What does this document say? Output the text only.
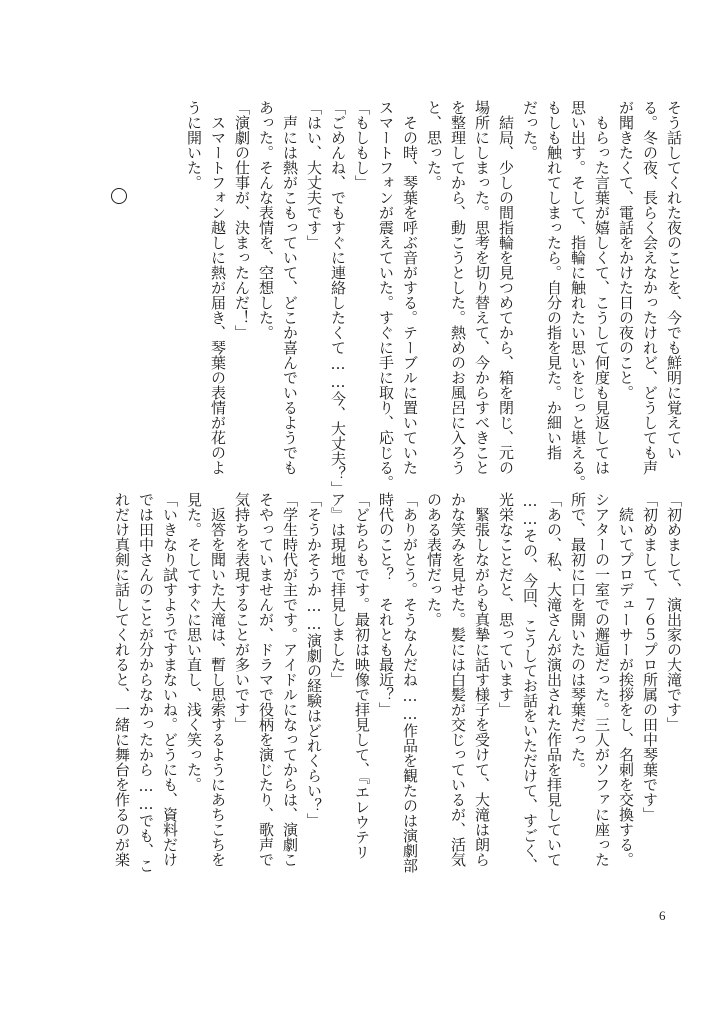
そう話してくれた夜のことを、今でも鮮明に覚えてい
る。冬の夜、長らく会えなかったけれど、どうしても声
が聞きたくて、電話をかけた日の夜のこと。
　もらった言葉が嬉しくて、こうして何度も見返しては
思い出す。そして、指輪に触れたい思いをじっと堪える。
もしも触れてしまったら。自分の指を見た。か細い指
だった。
　結局、少しの間指輪を見つめてから、箱を閉じ、元の
場所にしまった。思考を切り替えて、今からすべきこと
を整理してから、動こうとした。熱めのお風呂に入ろう
と、思った。
　その時、琴葉を呼ぶ音がする。テーブルに置いていた
スマートフォンが震えていた。すぐに手に取り、応じる。
「もしもし」
「ごめんね、でもすぐに連絡したくて……今、大丈夫？」
「はい、大丈夫です」
　声には熱がこもっていて、どこか喜んでいるようでも
あった。そんな表情を、空想した。
「演劇の仕事が、決まったんだ！」
　スマートフォン越しに熱が届き、琴葉の表情が花のよ
うに開いた。
「初めまして、演出家の大滝です」
「初めまして、７６５プロ所属の田中琴葉です」
　続いてプロデューサーが挨拶をし、名刺を交換する。
シアターの一室での邂逅だった。三人がソファに座った
所で、最初に口を開いたのは琴葉だった。
「あの、私、大滝さんが演出された作品を拝見していて
……その、今回、こうしてお話をいただけて、すごく、
光栄なことだと、思っています」
　緊張しながらも真摯に話す様子を受けて、大滝は朗ら
かな笑みを見せた。髪には白髪が交じっているが、活気
のある表情だった。
「ありがとう。そうなんだね……作品を観たのは演劇部
時代のこと？　それとも最近？」
「どちらもです。最初は映像で拝見して、『エレウテリ
ア』は現地で拝見しました」
「そうかそうか……演劇の経験はどれくらい？」
「学生時代が主です。アイドルになってからは、演劇こ
そやっていませんが、ドラマで役柄を演じたり、歌声で
気持ちを表現することが多いです」
　返答を聞いた大滝は、暫し思索するようにあちこちを
見た。そしてすぐに思い直し、浅く笑った。
「いきなり試すようですまないね。どうにも、資料だけ
では田中さんのことが分からなかったから……でも、こ
れだけ真剣に話してくれると、一緒に舞台を作るのが楽
6
